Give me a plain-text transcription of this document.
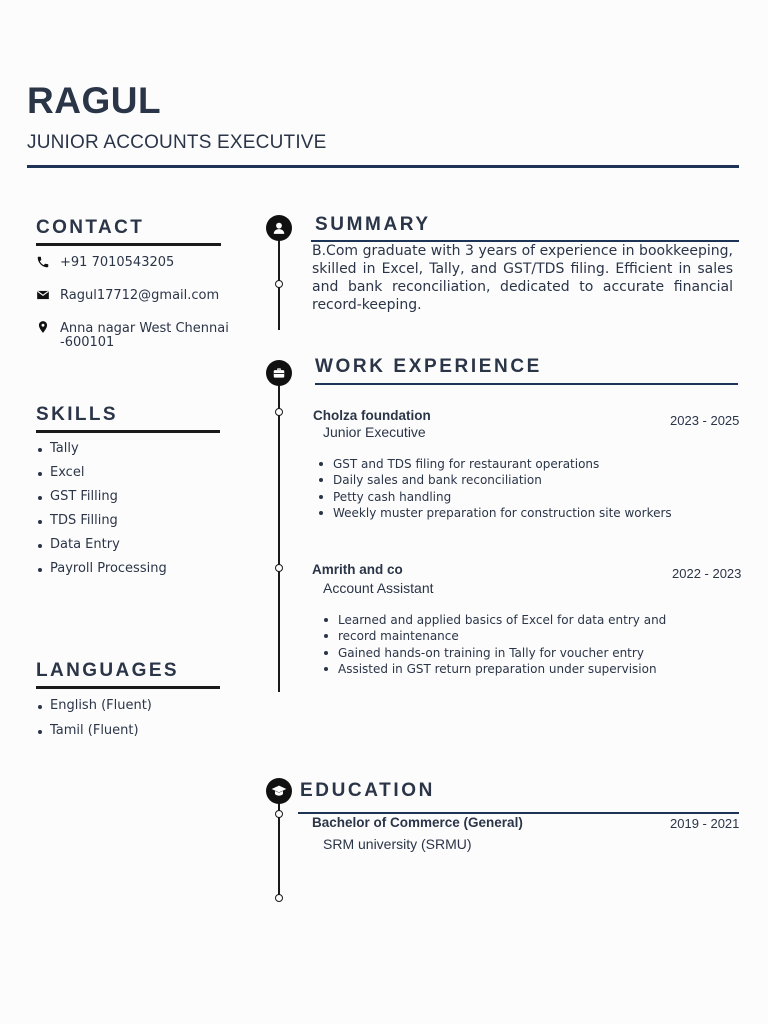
RAGUL
JUNIOR ACCOUNTS EXECUTIVE
CONTACT
+91 7010543205
Ragul17712@gmail.com
Anna nagar West Chennai
-600101
SKILLS
Tally
Excel
GST Filling
TDS Filling
Data Entry
Payroll Processing
LANGUAGES
English (Fluent)
Tamil (Fluent)
SUMMARY
B.Com graduate with 3 years of experience in bookkeeping, skilled in Excel, Tally, and GST/TDS filing. Efficient in sales and bank reconciliation, dedicated to accurate financial record-keeping.
WORK EXPERIENCE
Cholza foundation	2023 - 2025
Junior Executive
GST and TDS filing for restaurant operations
Daily sales and bank reconciliation
Petty cash handling
Weekly muster preparation for construction site workers
Amrith and co	2022 - 2023
Account Assistant
Learned and applied basics of Excel for data entry and
record maintenance
Gained hands-on training in Tally for voucher entry
Assisted in GST return preparation under supervision
EDUCATION
Bachelor of Commerce (General)	2019 - 2021
SRM university (SRMU)
